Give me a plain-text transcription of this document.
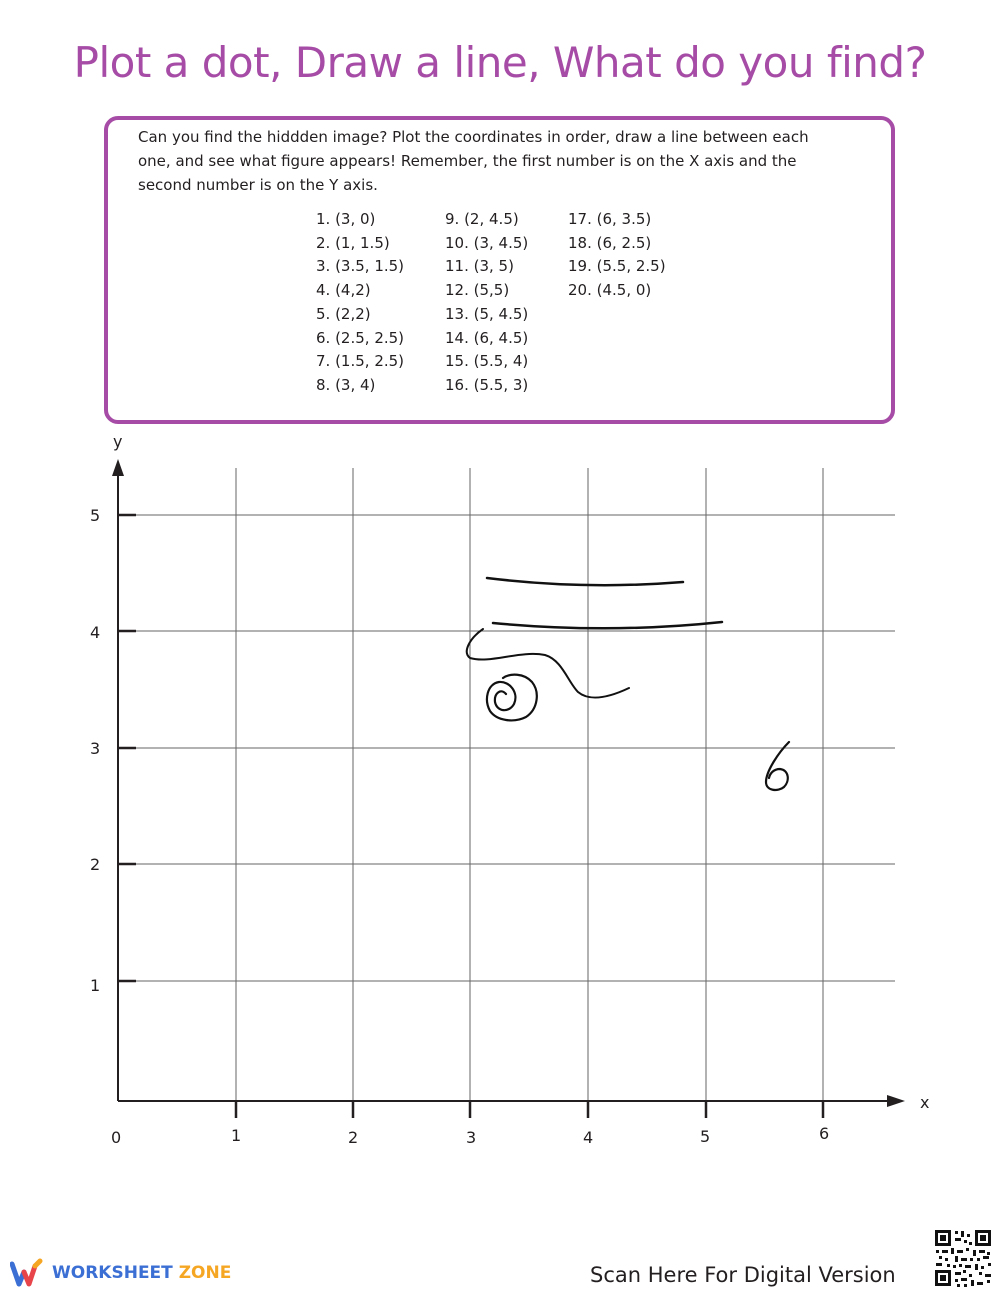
Plot a dot, Draw a line, What do you find?
Can you find the hiddden image? Plot the coordinates in order, draw a line between each one, and see what figure appears! Remember, the first number is on the X axis and the second number is on the Y axis.
1. (3, 0)
2. (1, 1.5)
3. (3.5, 1.5)
4. (4,2)
5. (2,2)
6. (2.5, 2.5)
7. (1.5, 2.5)
8. (3, 4)
9. (2, 4.5)
10. (3, 4.5)
11. (3, 5)
12. (5,5)
13. (5, 4.5)
14. (6, 4.5)
15. (5.5, 4)
16. (5.5, 3)
17. (6, 3.5)
18. (6, 2.5)
19. (5.5, 2.5)
20. (4.5, 0)
y
x
0	1	2	3	4	5	6
1
2
3
4
5
WORKSHEET ZONE	Scan Here For Digital Version
